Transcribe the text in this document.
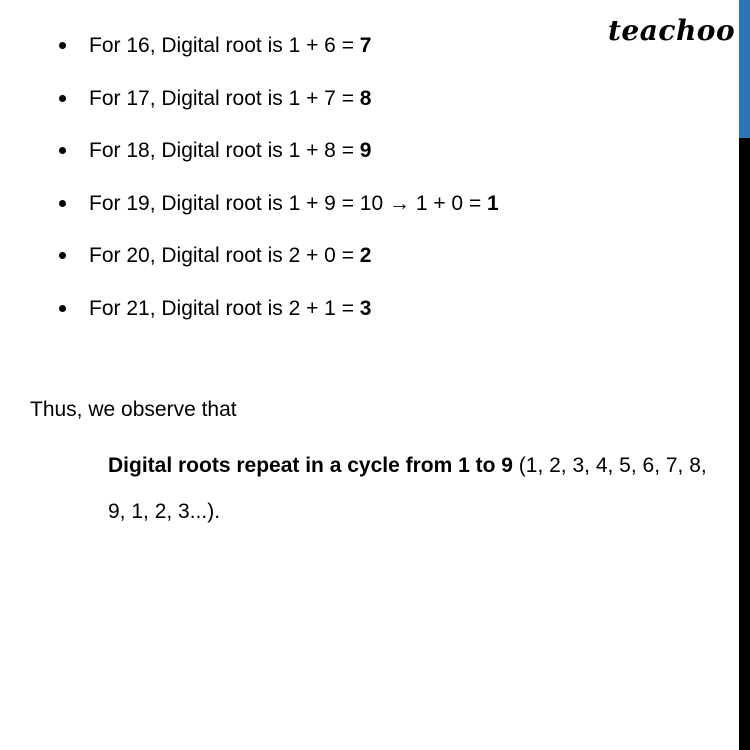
teachoo
For 16, Digital root is 1 + 6 = 7
For 17, Digital root is 1 + 7 = 8
For 18, Digital root is 1 + 8 = 9
For 19, Digital root is 1 + 9 = 10 → 1 + 0 = 1
For 20, Digital root is 2 + 0 = 2
For 21, Digital root is 2 + 1 = 3
Thus, we observe that
Digital roots repeat in a cycle from 1 to 9 (1, 2, 3, 4, 5, 6, 7, 8, 9, 1, 2, 3...).
